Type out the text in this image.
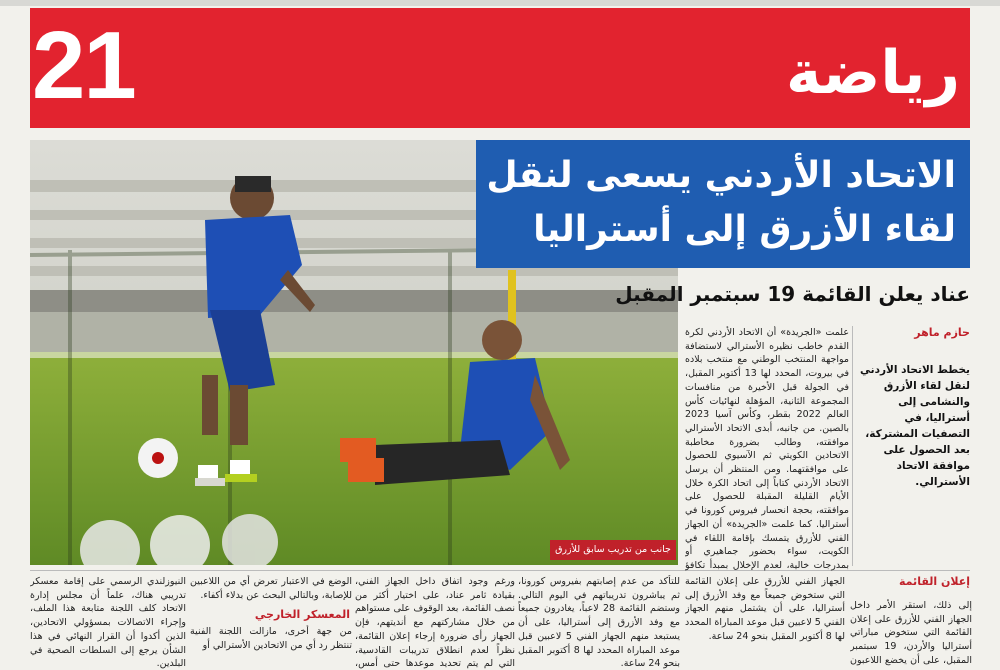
21	رياضة
الاتحاد الأردني يسعى لنقل
لقاء الأزرق إلى أستراليا
عناد يعلن القائمة 19 سبتمبر المقبل
حازم ماهر
يخطط الاتحاد الأردني لنقل لقاء الأزرق والنشامى إلى أستراليا، في التصفيات المشتركة، بعد الحصول على موافقة الاتحاد الأسترالي.
علمت «الجريدة» أن الاتحاد الأردني لكرة القدم خاطب نظيره الأسترالي لاستضافة مواجهة المنتخب الوطني مع منتخب بلاده في بيروت، المحدد لها 13 أكتوبر المقبل، في الجولة قبل الأخيرة من منافسات المجموعة الثانية، المؤهلة لنهائيات كأس العالم 2022 بقطر، وكأس آسيا 2023 بالصين. من جانبه، أبدى الاتحاد الأسترالي موافقته، وطالب بضرورة مخاطبة الاتحادين الكويتي ثم الآسيوي للحصول على موافقتهما. ومن المنتظر أن يرسل الاتحاد الأردني كتاباً إلى اتحاد الكرة خلال الأيام القليلة المقبلة للحصول على موافقته، بحجة انحسار فيروس كورونا في أستراليا. كما علمت «الجريدة» أن الجهاز الفني للأزرق يتمسك بإقامة اللقاء في الكويت، سواء بحضور جماهيري أو بمدرجات خالية، لعدم الإخلال بمبدأ تكافؤ
جانب من تدريب سابق للأزرق
إعلان القائمة
إلى ذلك، استقر الأمر داخل الجهاز الفني للأزرق على إعلان القائمة التي ستخوض مباراتي أستراليا والأردن، 19 سبتمبر المقبل، على أن يخضع اللاعبون
الجهاز الفني للأزرق على إعلان القائمة التي ستخوض جميعاً مع وفد الأزرق إلى أستراليا، على أن يشتمل منهم الجهاز الفني 5 لاعبين قبل موعد المباراة المحدد لها 8 أكتوبر المقبل بنحو 24 ساعة.
للتأكد من عدم إصابتهم بفيروس كورونا، ثم يباشرون تدريباتهم في اليوم التالي. وستضم القائمة 28 لاعباً، يغادرون جميعاً مع وفد الأزرق إلى أستراليا، على أن يستبعد منهم الجهاز الفني 5 لاعبين قبل موعد المباراة المحدد لها 8 أكتوبر المقبل بنحو 24 ساعة.
ورغم وجود اتفاق داخل الجهاز الفني، بقيادة ثامر عناد، على اختيار أكثر من نصف القائمة، بعد الوقوف على مستواهم من خلال مشاركتهم مع أنديتهم، فإن الجهاز رأى ضرورة إرجاء إعلان القائمة، نظراً لعدم انطلاق تدريبات القادسية، التي لم يتم تحديد موعدها حتى أمس،
الوضع في الاعتبار تعرض أي من اللاعبين للإصابة، وبالتالي البحث عن بدلاء أكفاء.
المعسكر الخارجي
من جهة أخرى، مازالت اللجنة الفنية تنتظر رد أي من الاتحادين الأسترالي أو
النيوزلندي الرسمي على إقامة معسكر تدريبي هناك، علماً أن مجلس إدارة الاتحاد كلف اللجنة متابعة هذا الملف، وإجراء الاتصالات بمسؤولي الاتحادين، الذين أكدوا أن القرار النهائي في هذا الشأن يرجع إلى السلطات الصحية في البلدين.
